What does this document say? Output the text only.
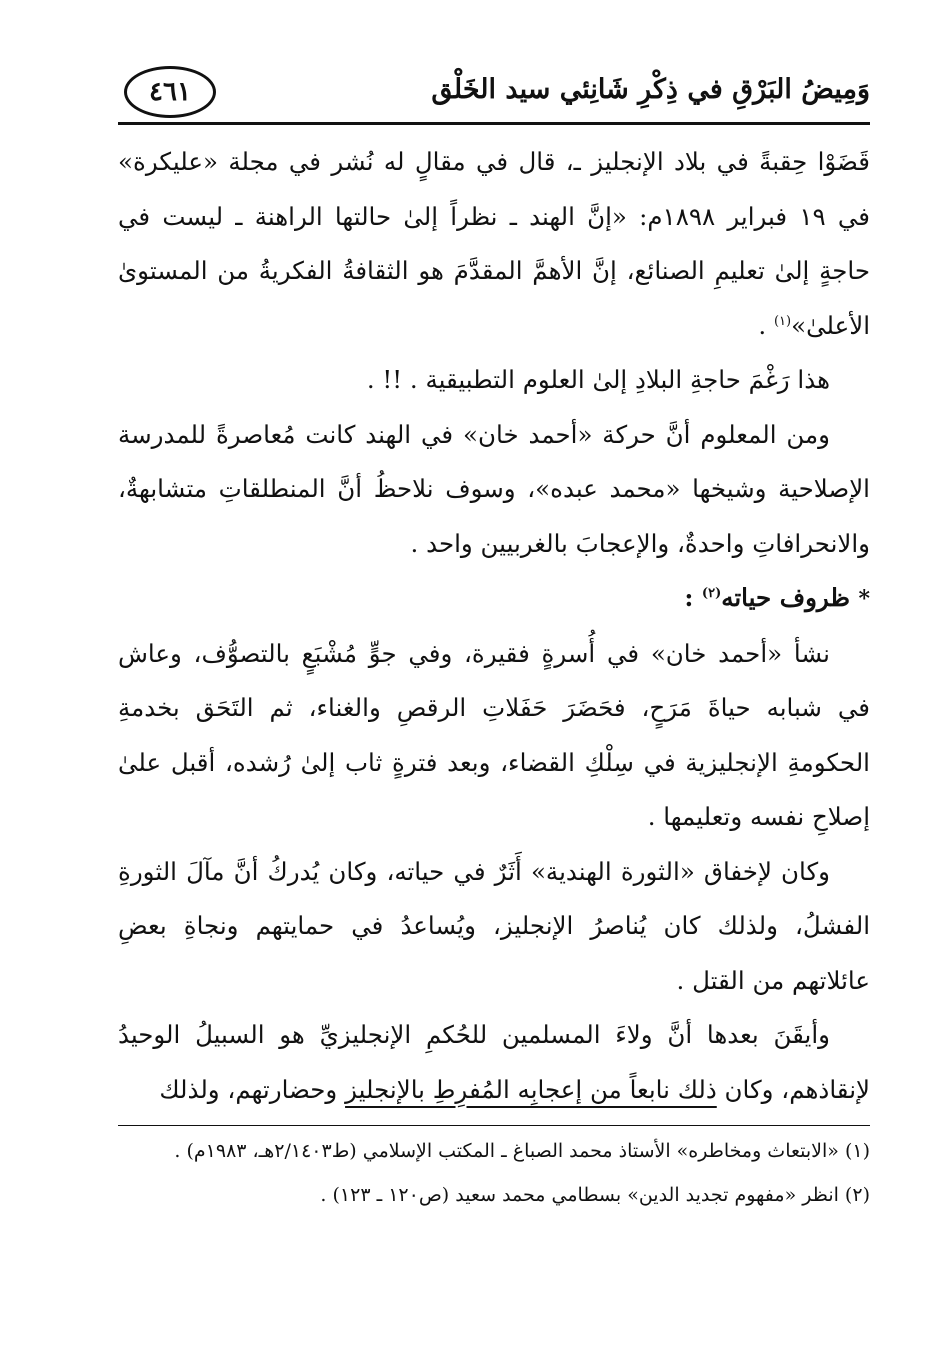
وَمِيضُ البَرْقِ في ذِكْرِ شَانِئي سيد الخَلْق
٤٦١

قَضَوْا حِقبةً في بلاد الإنجليز ـ، قال في مقالٍ له نُشر في مجلة «عليكرة» في ١٩ فبراير ١٨٩٨م: «إنَّ الهند ـ نظراً إلىٰ حالتها الراهنة ـ ليست في حاجةٍ إلىٰ تعليمِ الصنائع، إنَّ الأهمَّ المقدَّمَ هو الثقافةُ الفكريةُ من المستوىٰ الأعلىٰ»$^{(١)}$ .

هذا رَغْمَ حاجةِ البلادِ إلىٰ العلوم التطبيقية . !! .

ومن المعلوم أنَّ حركة «أحمد خان» في الهند كانت مُعاصرةً للمدرسة الإصلاحية وشيخها «محمد عبده»، وسوف نلاحظُ أنَّ المنطلقاتِ متشابهةٌ، والانحرافاتِ واحدةٌ، والإعجابَ بالغربيين واحد .

* ظروف حياته$^{(٢)}$ :

نشأ «أحمد خان» في أُسرةٍ فقيرة، وفي جوٍّ مُشْبَعٍ بالتصوُّف، وعاش في شبابه حياةَ مَرَحٍ، فحَضَرَ حَفَلاتِ الرقصِ والغناء، ثم التَحَق بخدمةِ الحكومةِ الإنجليزية في سِلْكِ القضاء، وبعد فترةٍ ثاب إلىٰ رُشده، أقبل علىٰ إصلاحِ نفسه وتعليمها .

وكان لإخفاق «الثورة الهندية» أَثَرٌ في حياته، وكان يُدركُ أنَّ مآلَ الثورةِ الفشلُ، ولذلك كان يُناصرُ الإنجليز، ويُساعدُ في حمايتهم ونجاةِ بعضِ عائلاتهم من القتل .

وأيقَنَ بعدها أنَّ ولاءَ المسلمين للحُكمِ الإنجليزيِّ هو السبيلُ الوحيدُ لإنقاذهم، وكان ذلك نابعاً من إعجابِه المُفرِطِ بالإنجليز وحضارتهم، ولذلك

(١) «الابتعاث ومخاطره» الأستاذ محمد الصباغ ـ المكتب الإسلامي (ط٢/١٤٠٣هـ، ١٩٨٣م) .

(٢) انظر «مفهوم تجديد الدين» بسطامي محمد سعيد (ص١٢٠ ـ ١٢٣) .
